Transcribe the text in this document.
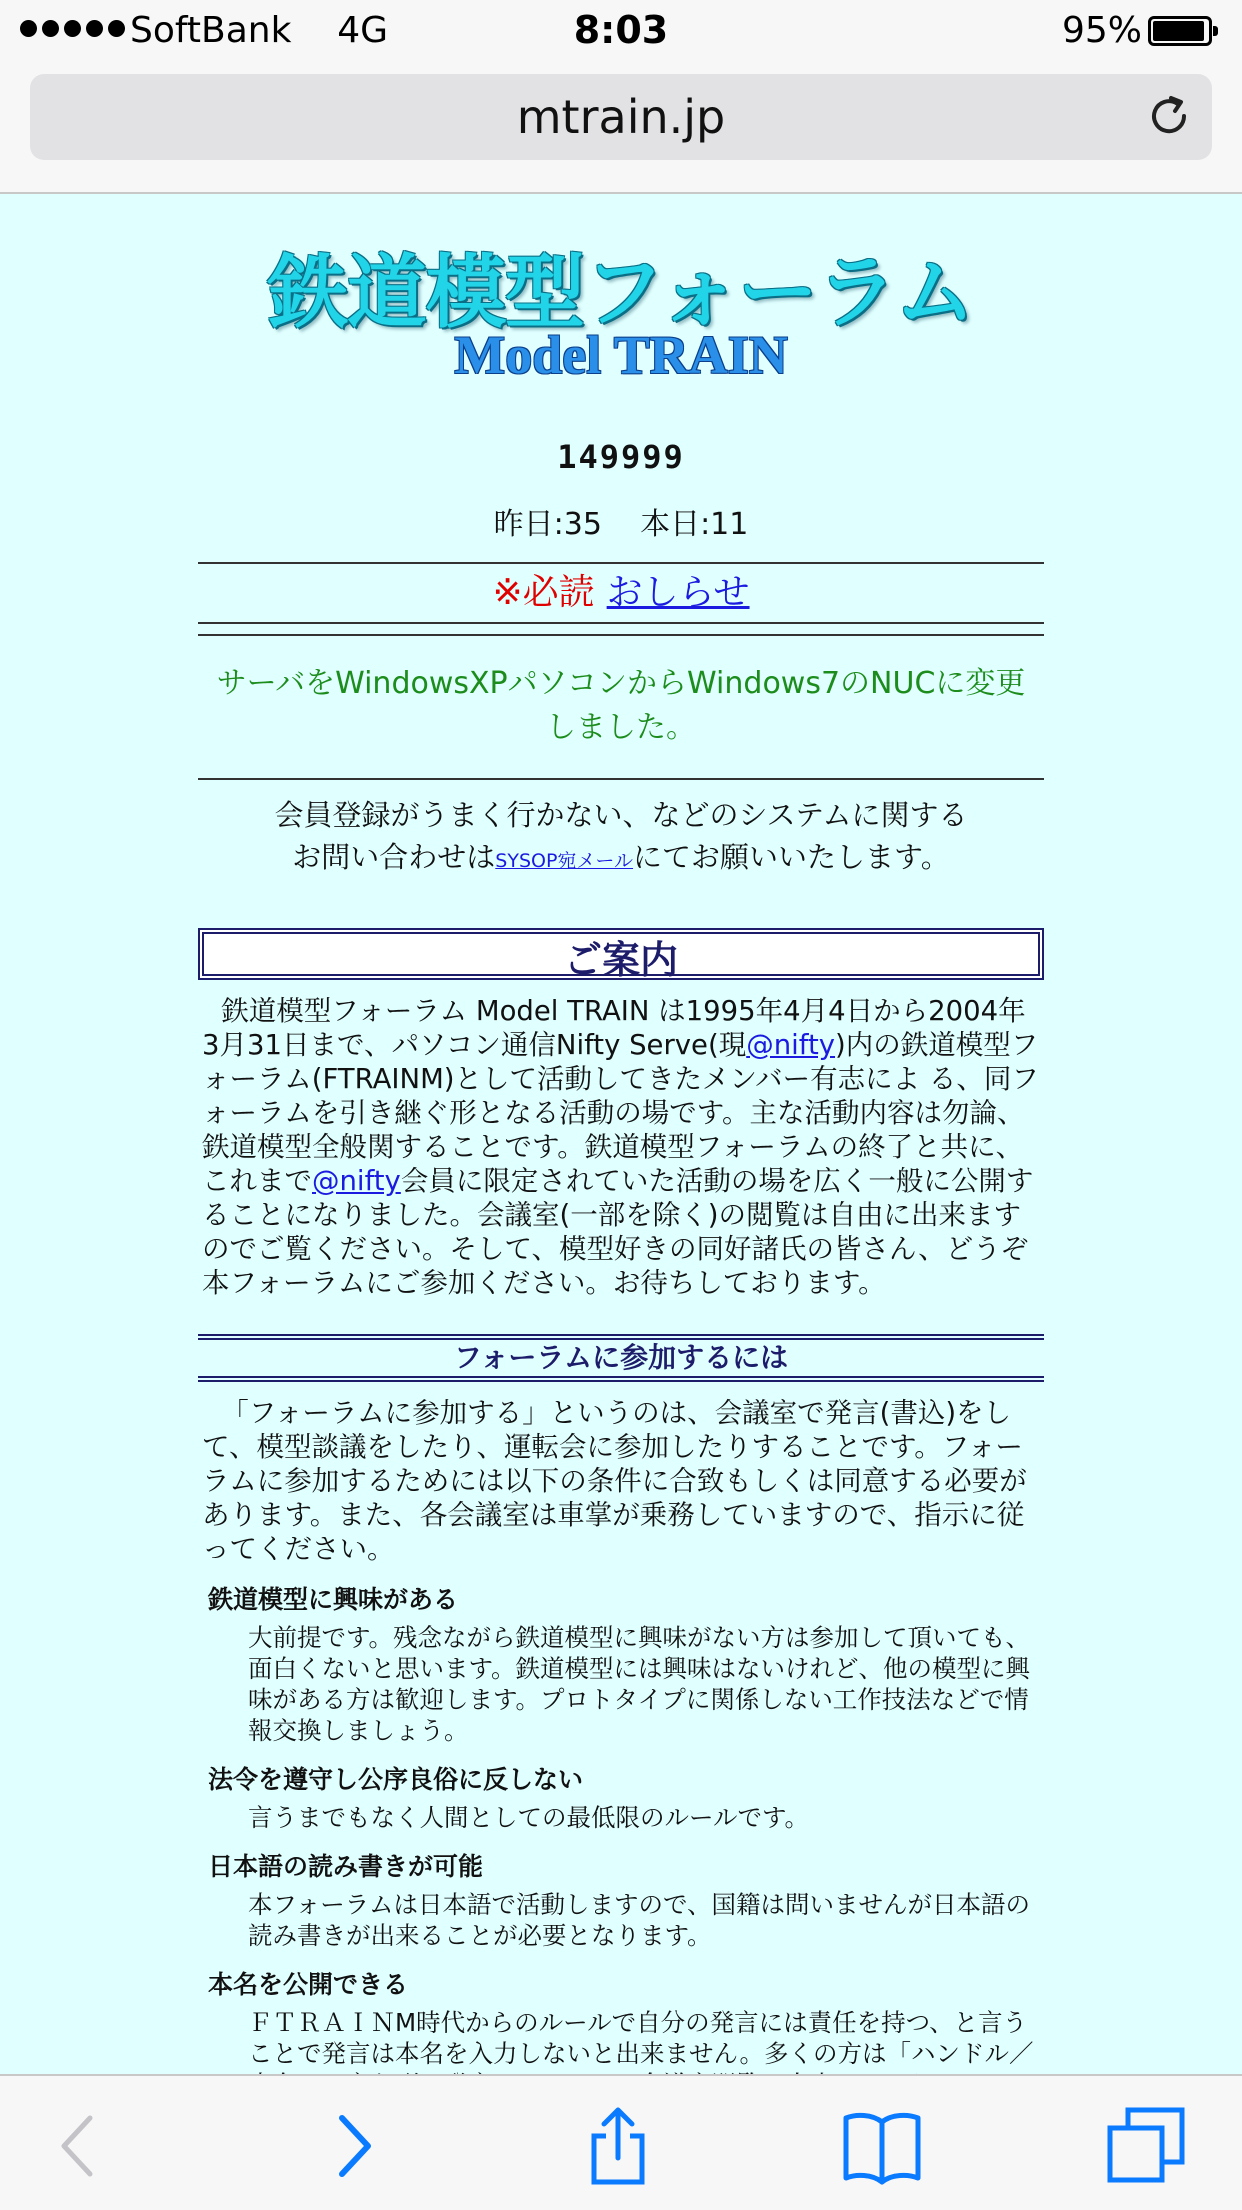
SoftBank 4G	8:03	95%
mtrain.jp
鉄道模型フォーラム
Model TRAIN
149999
昨日:35 本日:11
※必読 おしらせ
サーバをWindowsXPパソコンからWindows7のNUCに変更しました。
会員登録がうまく行かない、などのシステムに関する
お問い合わせはSYSOP宛メールにてお願いいたします。
ご案内

鉄道模型フォーラム Model TRAIN は1995年4月4日から2004年3月31日まで、パソコン通信Nifty Serve(現@nifty)内の鉄道模型フォーラム(FTRAINM)として活動してきたメンバー有志によ る、同フォーラムを引き継ぐ形となる活動の場です。主な活動内容は勿論、鉄道模型全般関することです。鉄道模型フォーラムの終了と共に、これまで@nifty会員に限定されていた活動の場を広く一般に公開することになりました。会議室(一部を除く)の閲覧は自由に出来ますのでご覧ください。そして、模型好きの同好諸氏の皆さん、どうぞ本フォーラムにご参加ください。お待ちしております。

フォーラムに参加するには

「フォーラムに参加する」というのは、会議室で発言(書込)をして、模型談議をしたり、運転会に参加したりすることです。フォーラムに参加するためには以下の条件に合致もしくは同意する必要があります。また、各会議室は車掌が乗務していますので、指示に従ってください。

鉄道模型に興味がある
大前提です。残念ながら鉄道模型に興味がない方は参加して頂いても、面白くないと思います。鉄道模型には興味はないけれど、他の模型に興味がある方は歓迎します。プロトタイプに関係しない工作技法などで情報交換しましょう。
法令を遵守し公序良俗に反しない
言うまでもなく人間としての最低限のルールです。
日本語の読み書きが可能
本フォーラムは日本語で活動しますので、国籍は問いませんが日本語の読み書きが出来ることが必要となります。
本名を公開できる
ＦＴＲＡＩＮM時代からのルールで自分の発言には責任を持つ、と言うことで発言は本名を入力しないと出来ません。多くの方は「ハンドル／
